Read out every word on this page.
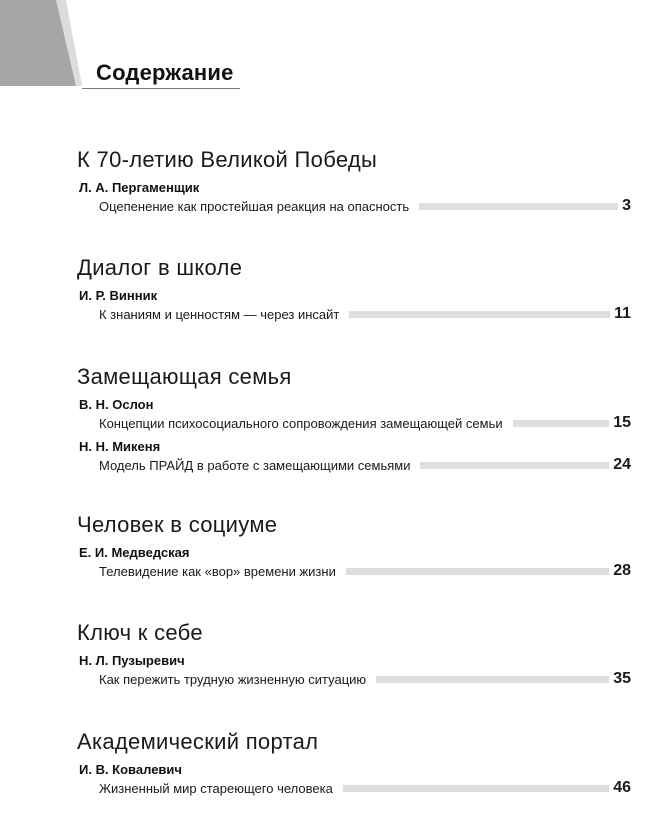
Содержание
К 70-летию Великой Победы
Л. А. Пергаменщик
Оцепенение как простейшая реакция на опасность	3
Диалог в школе
И. Р. Винник
К знаниям и ценностям — через инсайт	11
Замещающая семья
В. Н. Ослон
Концепции психосоциального сопровождения замещающей семьи	15
Н. Н. Микеня
Модель ПРАЙД в работе с замещающими семьями	24
Человек в социуме
Е. И. Медведская
Телевидение как «вор» времени жизни	28
Ключ к себе
Н. Л. Пузыревич
Как пережить трудную жизненную ситуацию	35
Академический портал
И. В. Ковалевич
Жизненный мир стареющего человека	46
